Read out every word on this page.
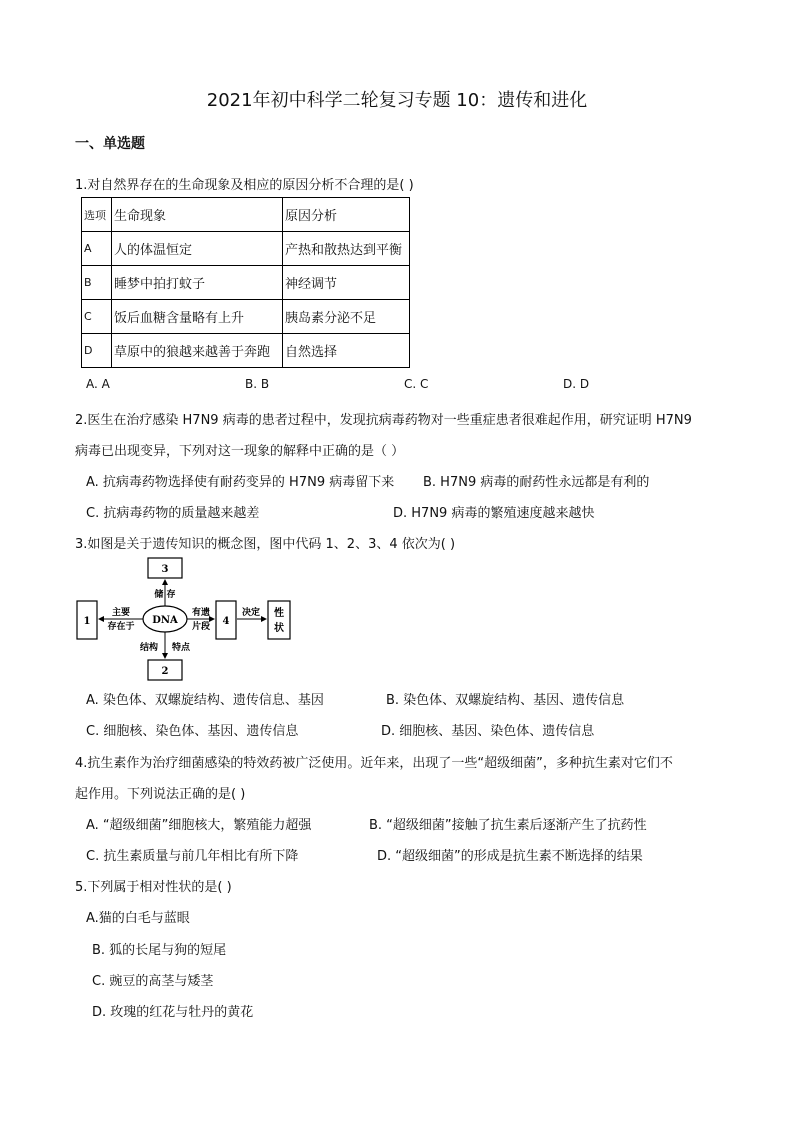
2021年初中科学二轮复习专题 10：遗传和进化
一、单选题
1.对自然界存在的生命现象及相应的原因分析不合理的是( )
选项	生命现象	原因分析
A	人的体温恒定	产热和散热达到平衡
B	睡梦中拍打蚊子	神经调节
C	饭后血糖含量略有上升	胰岛素分泌不足
D	草原中的狼越来越善于奔跑	自然选择
A. A	B. B	C. C	D. D
2.医生在治疗感染 H7N9 病毒的患者过程中，发现抗病毒药物对一些重症患者很难起作用，研究证明 H7N9
病毒已出现变异，下列对这一现象的解释中正确的是（ ）
A. 抗病毒药物选择使有耐药变异的 H7N9 病毒留下来 B. H7N9 病毒的耐药性永远都是有利的
C. 抗病毒药物的质量越来越差	D. H7N9 病毒的繁殖速度越来越快
3.如图是关于遗传知识的概念图，图中代码 1、2、3、4 依次为( )
3
1	4
性
状
2
DNA
储 存
主要
存在于
有遗
片段
决定
结构 特点
A. 染色体、双螺旋结构、遗传信息、基因	B. 染色体、双螺旋结构、基因、遗传信息
C. 细胞核、染色体、基因、遗传信息	D. 细胞核、基因、染色体、遗传信息
4.抗生素作为治疗细菌感染的特效药被广泛使用。近年来，出现了一些“超级细菌”，多种抗生素对它们不
起作用。下列说法正确的是( )
A. “超级细菌”细胞核大，繁殖能力超强	B. “超级细菌”接触了抗生素后逐渐产生了抗药性
C. 抗生素质量与前几年相比有所下降	D. “超级细菌”的形成是抗生素不断选择的结果
5.下列属于相对性状的是( )
A.猫的白毛与蓝眼
B. 狐的长尾与狗的短尾
C. 豌豆的高茎与矮茎
D. 玫瑰的红花与牡丹的黄花
